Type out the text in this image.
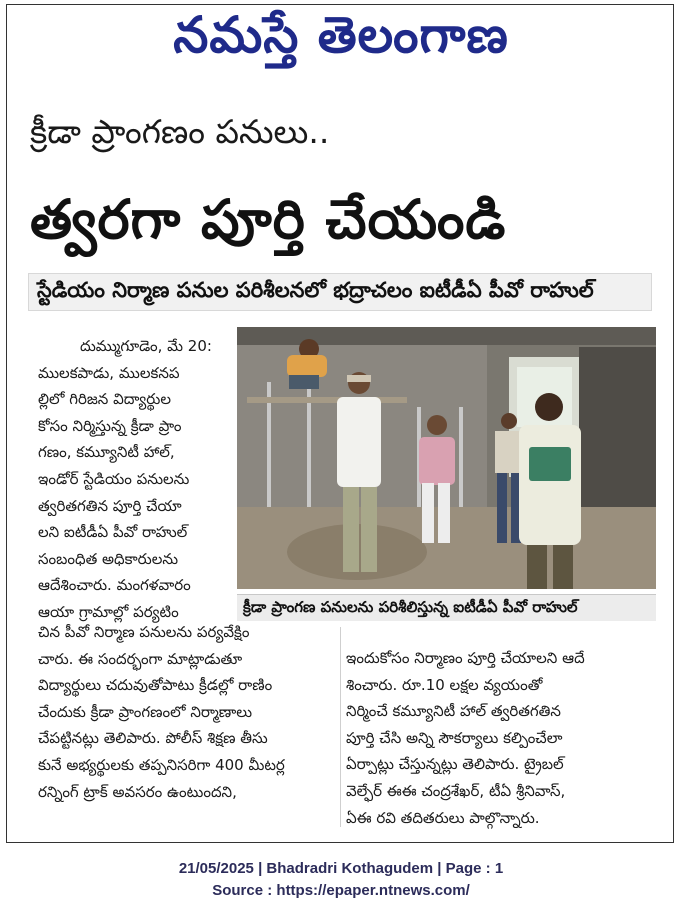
నమస్తే తెలంగాణ
క్రీడా ప్రాంగణం పనులు..
త్వరగా పూర్తి చేయండి
స్టేడియం నిర్మాణ పనుల పరిశీలనలో భద్రాచలం ఐటీడీఏ పీవో రాహుల్
దుమ్ముగూడెం, మే 20:
ములకపాడు, ములకనప
ల్లిలో గిరిజన విద్యార్థుల
కోసం నిర్మిస్తున్న క్రీడా ప్రాం
గణం, కమ్యూనిటీ హాల్,
ఇండోర్ స్టేడియం పనులను
త్వరితగతిన పూర్తి చేయా
లని ఐటీడీఏ పీవో రాహుల్
సంబంధిత అధికారులను
ఆదేశించారు. మంగళవారం
ఆయా గ్రామాల్లో పర్యటిం	క్రీడా ప్రాంగణ పనులను పరిశీలిస్తున్న ఐటీడీఏ పీవో రాహుల్
చిన పీవో నిర్మాణ పనులను పర్యవేక్షిం
చారు. ఈ సందర్భంగా మాట్లాడుతూ
విద్యార్థులు చదువుతోపాటు క్రీడల్లో రాణిం
చేందుకు క్రీడా ప్రాంగణంలో నిర్మాణాలు
చేపట్టినట్లు తెలిపారు. పోలీస్ శిక్షణ తీసు
కునే అభ్యర్థులకు తప్పనిసరిగా 400 మీటర్ల
రన్నింగ్ ట్రాక్ అవసరం ఉంటుందని,
ఇందుకోసం నిర్మాణం పూర్తి చేయాలని ఆదే
శించారు. రూ.10 లక్షల వ్యయంతో
నిర్మించే కమ్యూనిటీ హాల్ త్వరితగతిన
పూర్తి చేసి అన్ని సౌకర్యాలు కల్పించేలా
ఏర్పాట్లు చేస్తున్నట్లు తెలిపారు. ట్రైబల్
వెల్ఫేర్ ఈఈ చంద్రశేఖర్, టీఏ శ్రీనివాస్,
ఏఈ రవి తదితరులు పాల్గొన్నారు.
21/05/2025 | Bhadradri Kothagudem | Page : 1
Source : https://epaper.ntnews.com/
